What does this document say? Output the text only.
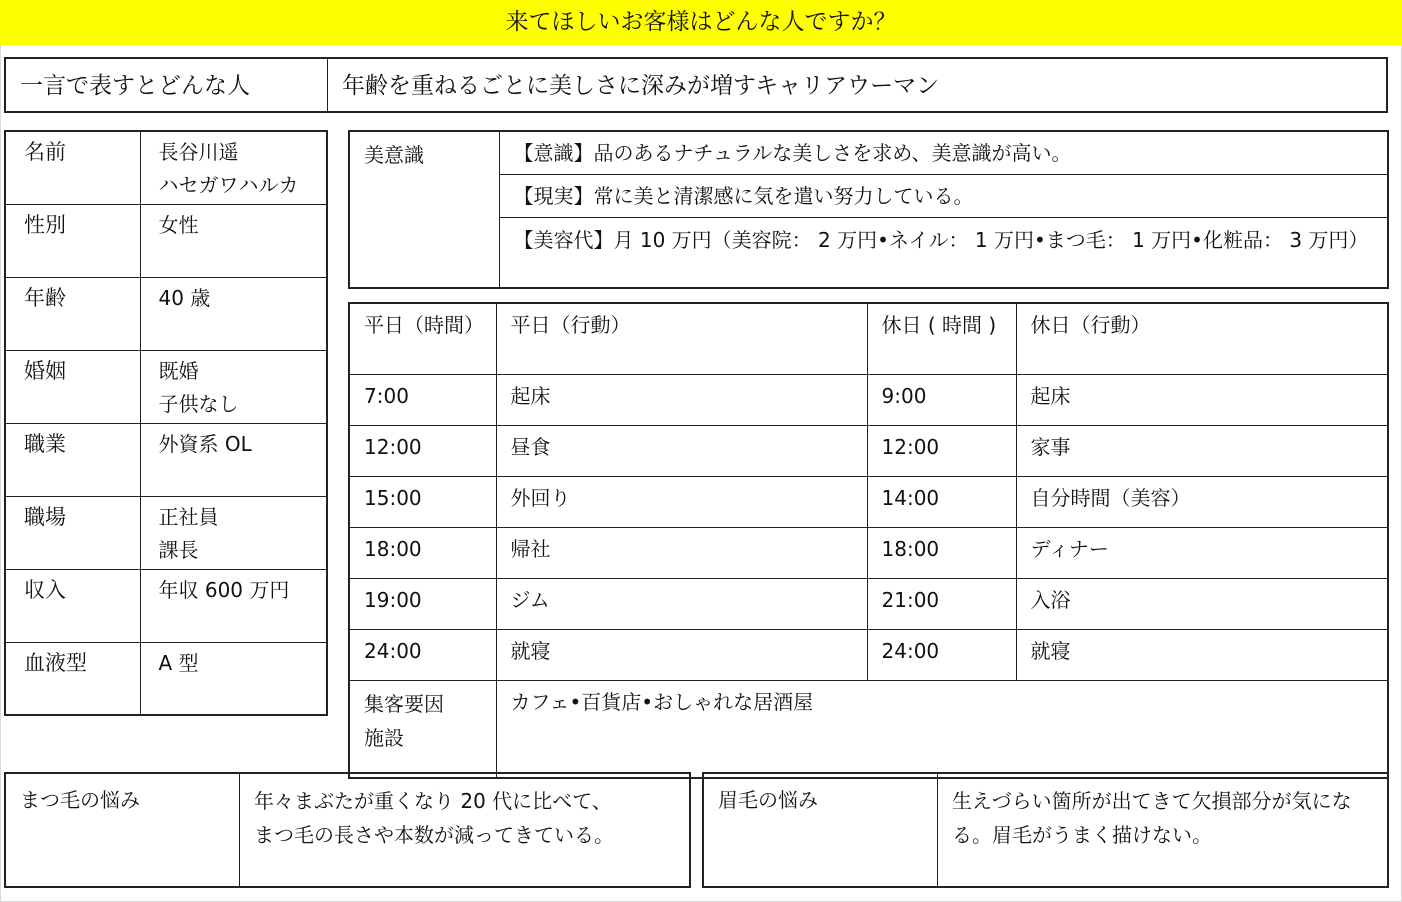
来てほしいお客様はどんな人ですか？
一言で表すとどんな人	年齢を重ねるごとに美しさに深みが増すキャリアウーマン
名前	長谷川遥
ハセガワハルカ
性別	女性
年齢	40 歳
婚姻	既婚
子供なし
職業	外資系 OL
職場	正社員
課長
収入	年収 600 万円
血液型	A 型
美意識	【意識】品のあるナチュラルな美しさを求め、美意識が高い。
【現実】常に美と清潔感に気を遣い努力している。
【美容代】月 10 万円（美容院： 2 万円•ネイル： 1 万円•まつ毛： 1 万円•化粧品： 3 万円）
平日（時間）	平日（行動）	休日 ( 時間 )	休日（行動）
7:00	起床	9:00	起床
12:00	昼食	12:00	家事
15:00	外回り	14:00	自分時間（美容）
18:00	帰社	18:00	ディナー
19:00	ジム	21:00	入浴
24:00	就寝	24:00	就寝
集客要因
施設	カフェ•百貨店•おしゃれな居酒屋		
まつ毛の悩み	年々まぶたが重くなり 20 代に比べて、
まつ毛の長さや本数が減ってきている。
眉毛の悩み	生えづらい箇所が出てきて欠損部分が気になる。眉毛がうまく描けない。
